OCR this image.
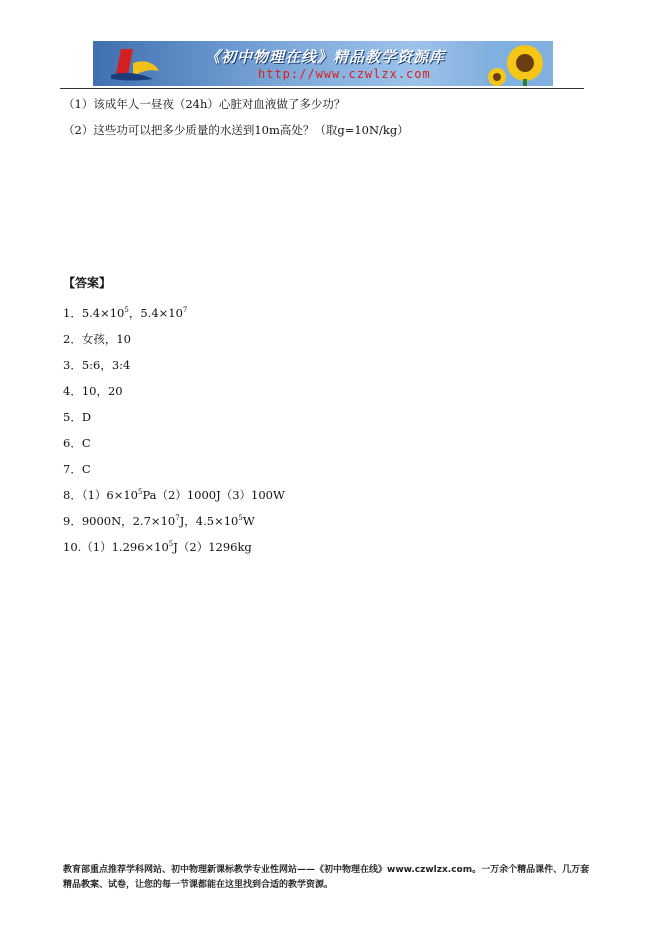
《初中物理在线》精品教学资源库
http://www.czwlzx.com
（1）该成年人一昼夜（24h）心脏对血液做了多少功？
（2）这些功可以把多少质量的水送到10m高处？（取g=10N/kg）
【答案】
1．$5.4\times 10^5$，$5.4\times 10^7$
2．女孩，10
3．5:6，3:4
4．10，20
5．D
6．C
7．C
8．$(1)6\times 10^5Pa(2)1000J(3)100W$
9．9000N，$2.7\times 10^7J$，$4.5\times 10^5W$
$10.(1)1.296\times 10^5J(2)1296kg$
教育部重点推荐学科网站、初中物理新课标教学专业性网站——《初中物理在线》www.czwlzx.com。一万余个精品课件、几万套精品教案、试卷，让您的每一节课都能在这里找到合适的教学资源。
